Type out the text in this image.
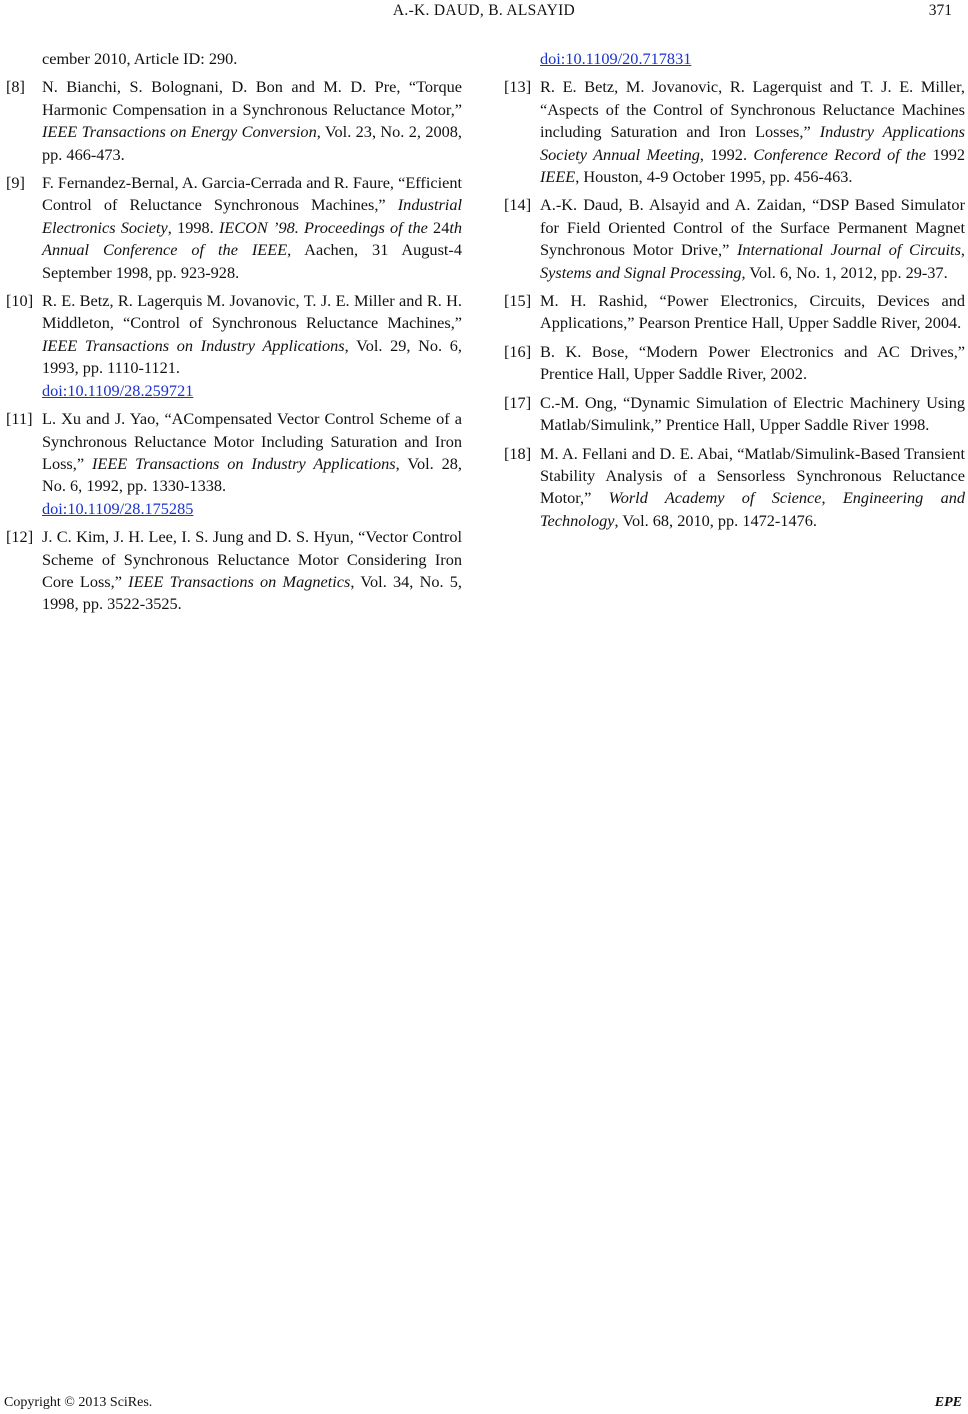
A.-K. DAUD, B. ALSAYID	371
cember 2010, Article ID: 290.
[8]	N. Bianchi, S. Bolognani, D. Bon and M. D. Pre, “Torque Harmonic Compensation in a Synchronous Reluctance Motor,” IEEE Transactions on Energy Conversion, Vol. 23, No. 2, 2008, pp. 466-473.
[9]	F. Fernandez-Bernal, A. Garcia-Cerrada and R. Faure, “Efficient Control of Reluctance Synchronous Machines,” Industrial Electronics Society, 1998. IECON ’98. Proceedings of the 24th Annual Conference of the IEEE, Aachen, 31 August-4 September 1998, pp. 923-928.
[10] R. E. Betz, R. Lagerquis M. Jovanovic, T. J. E. Miller and R. H. Middleton, “Control of Synchronous Reluctance Machines,” IEEE Transactions on Industry Applications, Vol. 29, No. 6, 1993, pp. 1110-1121.
doi:10.1109/28.259721
[11] L. Xu and J. Yao, “ACompensated Vector Control Scheme of a Synchronous Reluctance Motor Including Saturation and Iron Loss,” IEEE Transactions on Industry Applications, Vol. 28, No. 6, 1992, pp. 1330-1338.
doi:10.1109/28.175285
[12] J. C. Kim, J. H. Lee, I. S. Jung and D. S. Hyun, “Vector Control Scheme of Synchronous Reluctance Motor Considering Iron Core Loss,” IEEE Transactions on Magnetics, Vol. 34, No. 5, 1998, pp. 3522-3525.
doi:10.1109/20.717831
[13] R. E. Betz, M. Jovanovic, R. Lagerquist and T. J. E. Miller, “Aspects of the Control of Synchronous Reluctance Machines including Saturation and Iron Losses,” Industry Applications Society Annual Meeting, 1992. Conference Record of the 1992 IEEE, Houston, 4-9 October 1995, pp. 456-463.
[14] A.-K. Daud, B. Alsayid and A. Zaidan, “DSP Based Simulator for Field Oriented Control of the Surface Permanent Magnet Synchronous Motor Drive,” International Journal of Circuits, Systems and Signal Processing, Vol. 6, No. 1, 2012, pp. 29-37.
[15] M. H. Rashid, “Power Electronics, Circuits, Devices and Applications,” Pearson Prentice Hall, Upper Saddle River, 2004.
[16] B. K. Bose, “Modern Power Electronics and AC Drives,” Prentice Hall, Upper Saddle River, 2002.
[17] C.-M. Ong, “Dynamic Simulation of Electric Machinery Using Matlab/Simulink,” Prentice Hall, Upper Saddle River 1998.
[18] M. A. Fellani and D. E. Abai, “Matlab/Simulink-Based Transient Stability Analysis of a Sensorless Synchronous Reluctance Motor,” World Academy of Science, Engineering and Technology, Vol. 68, 2010, pp. 1472-1476.
Copyright © 2013 SciRes.	EPE
